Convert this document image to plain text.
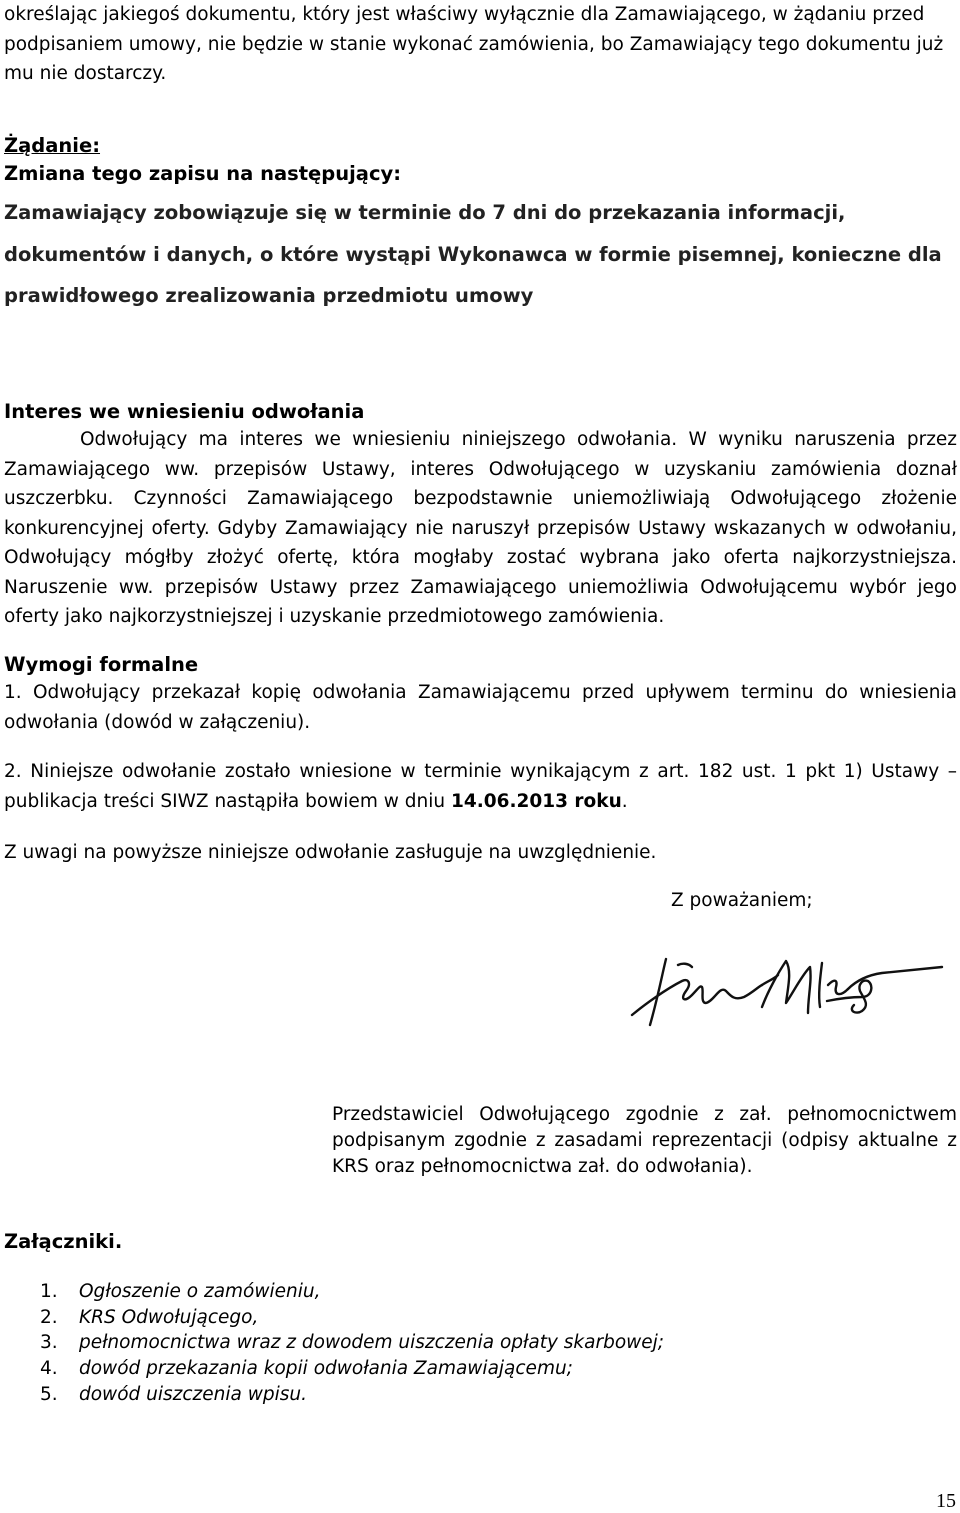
określając jakiegoś dokumentu, który jest właściwy wyłącznie dla Zamawiającego, w żądaniu przed
podpisaniem umowy, nie będzie w stanie wykonać zamówienia, bo Zamawiający tego dokumentu już
mu nie dostarczy.
Żądanie:
Zmiana tego zapisu na następujący:
Zamawiający zobowiązuje się w terminie do 7 dni do przekazania informacji, dokumentów i danych, o które wystąpi Wykonawca w formie pisemnej, konieczne dla prawidłowego zrealizowania przedmiotu umowy
Interes we wniesieniu odwołania
Odwołujący ma interes we wniesieniu niniejszego odwołania. W wyniku naruszenia przez Zamawiającego ww. przepisów Ustawy, interes Odwołującego w uzyskaniu zamówienia doznał uszczerbku. Czynności Zamawiającego bezpodstawnie uniemożliwiają Odwołującego złożenie konkurencyjnej oferty. Gdyby Zamawiający nie naruszył przepisów Ustawy wskazanych w odwołaniu, Odwołujący mógłby złożyć ofertę, która mogłaby zostać wybrana jako oferta najkorzystniejsza. Naruszenie ww. przepisów Ustawy przez Zamawiającego uniemożliwia Odwołującemu wybór jego oferty jako najkorzystniejszej i uzyskanie przedmiotowego zamówienia.
Wymogi formalne
1. Odwołujący przekazał kopię odwołania Zamawiającemu przed upływem terminu do wniesienia odwołania (dowód w załączeniu).
2. Niniejsze odwołanie zostało wniesione w terminie wynikającym z art. 182 ust. 1 pkt 1) Ustawy – publikacja treści SIWZ nastąpiła bowiem w dniu 14.06.2013 roku.
Z uwagi na powyższe niniejsze odwołanie zasługuje na uwzględnienie.
Z poważaniem;
Przedstawiciel Odwołującego zgodnie z zał. pełnomocnictwem podpisanym zgodnie z zasadami reprezentacji (odpisy aktualne z KRS oraz pełnomocnictwa zał. do odwołania).
Załączniki.
1.	Ogłoszenie o zamówieniu,
2.	KRS Odwołującego,
3.	pełnomocnictwa wraz z dowodem uiszczenia opłaty skarbowej;
4.	dowód przekazania kopii odwołania Zamawiającemu;
5.	dowód uiszczenia wpisu.
15
